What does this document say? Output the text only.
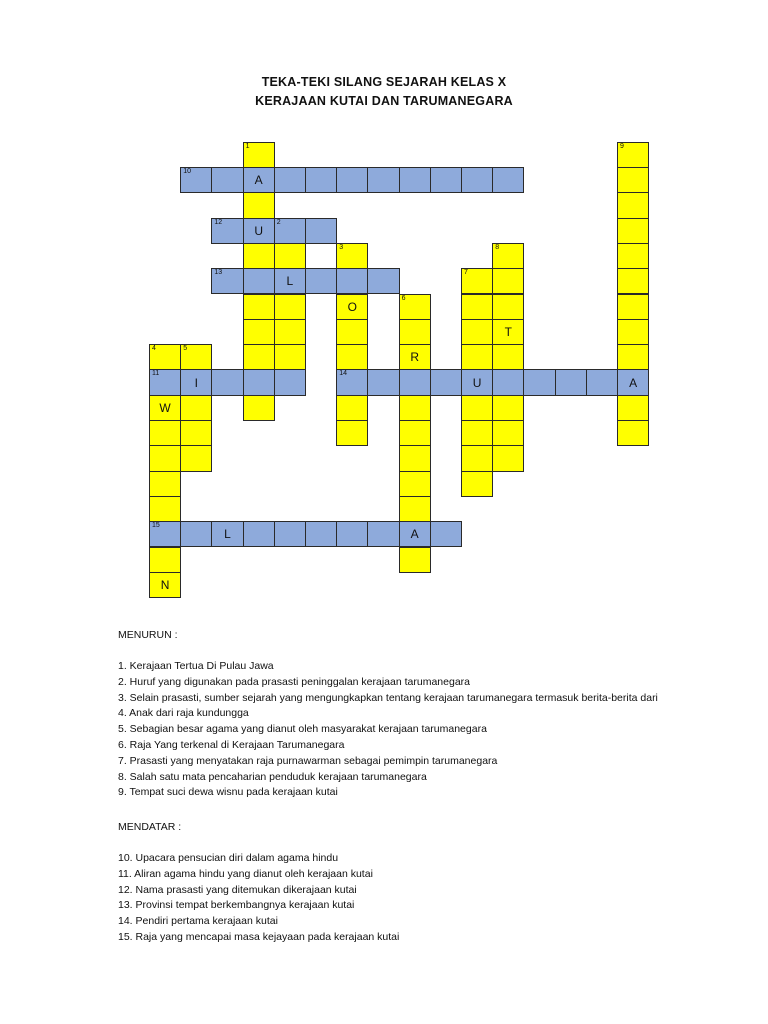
TEKA-TEKI SILANG SEJARAH KELAS X
KERAJAAN KUTAI DAN TARUMANEGARA
1
A
U
2
L
3
O
14
6
R
A
7
U
8
T
9
A
4
11
W
15
N
5
I
10
12
13
L
MENURUN :
1. Kerajaan Tertua Di Pulau Jawa
2. Huruf yang digunakan pada prasasti peninggalan kerajaan tarumanegara
3. Selain prasasti, sumber sejarah yang mengungkapkan tentang kerajaan tarumanegara termasuk berita-berita dari
4. Anak dari raja kundungga
5. Sebagian besar agama yang dianut oleh masyarakat kerajaan tarumanegara
6. Raja Yang terkenal di Kerajaan Tarumanegara
7. Prasasti yang menyatakan raja purnawarman sebagai pemimpin tarumanegara
8. Salah satu mata pencaharian penduduk kerajaan tarumanegara
9. Tempat suci dewa wisnu pada kerajaan kutai
MENDATAR :
10. Upacara pensucian diri dalam agama hindu
11. Aliran agama hindu yang dianut oleh kerajaan kutai
12. Nama prasasti yang ditemukan dikerajaan kutai
13. Provinsi tempat berkembangnya kerajaan kutai
14. Pendiri pertama kerajaan kutai
15. Raja yang mencapai masa kejayaan pada kerajaan kutai
